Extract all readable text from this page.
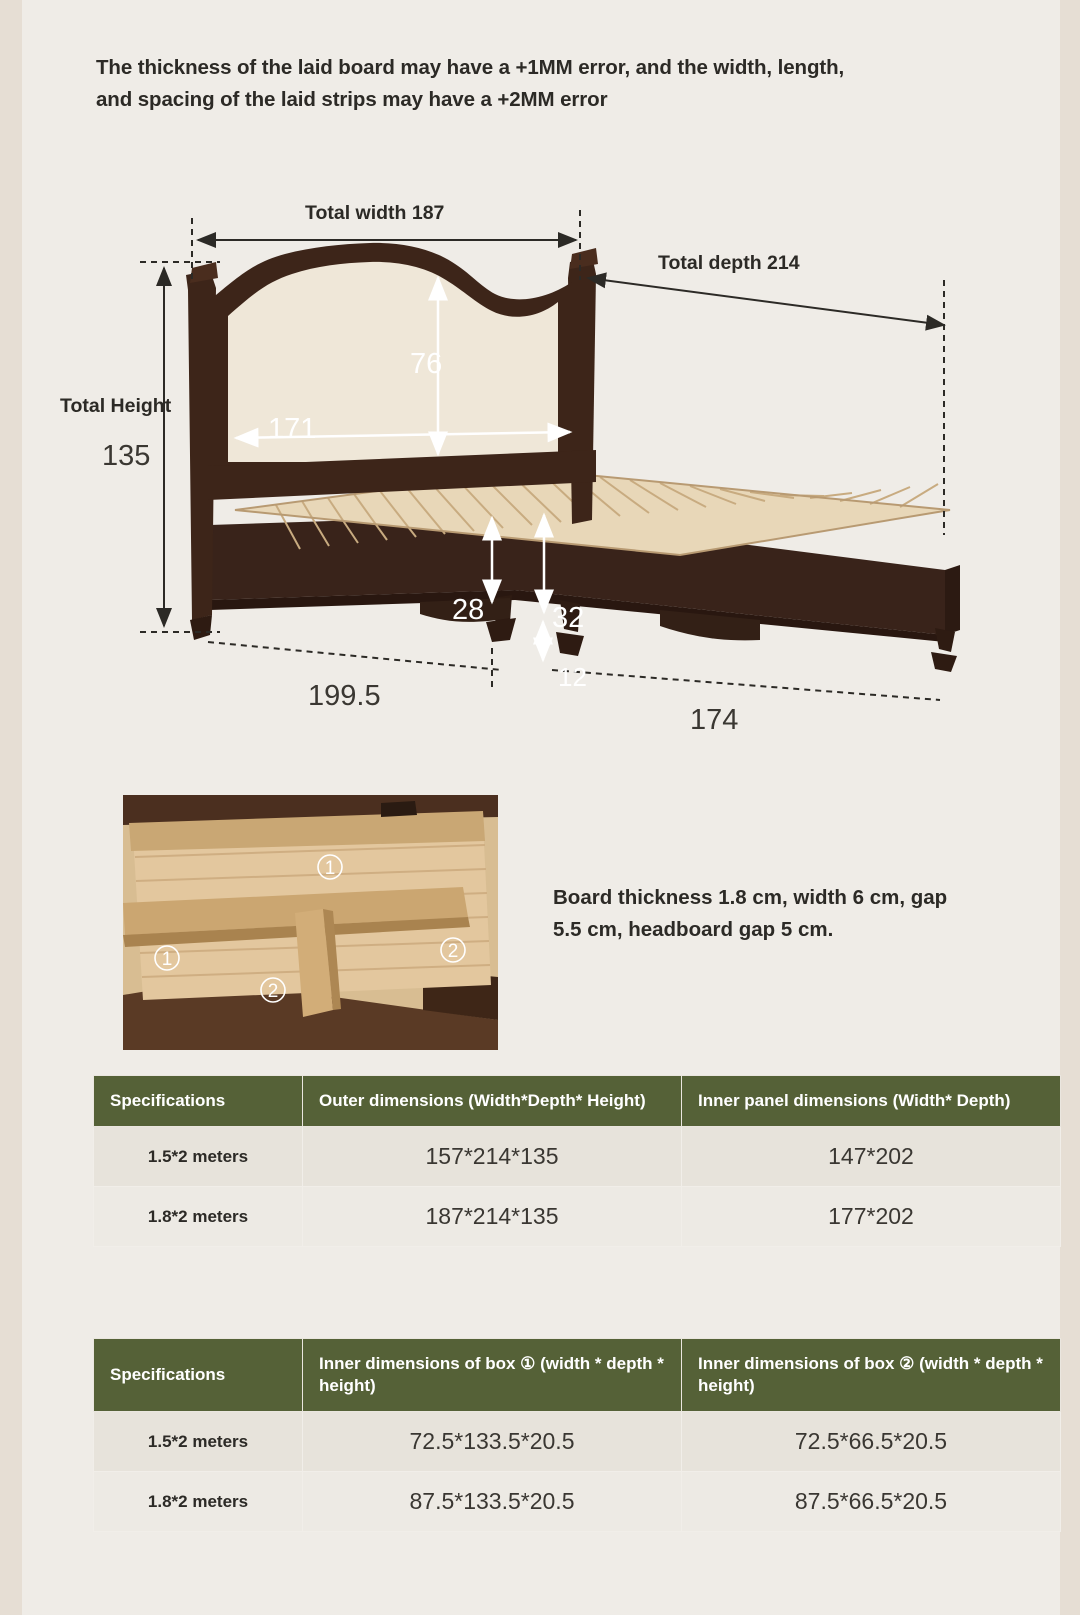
The thickness of the laid board may have a +1MM error, and the width, length, and spacing of the laid strips may have a +2MM error
Total width 187
Total depth 214
Total Height
135
76
171
28 32
12
199.5
174
1
1	2
2
Board thickness 1.8 cm, width 6 cm, gap 5.5 cm, headboard gap 5 cm.
Specifications	Outer dimensions (Width*Depth* Height)	Inner panel dimensions (Width* Depth)
1.5*2 meters	157*214*135	147*202
1.8*2 meters	187*214*135	177*202
Specifications	Inner dimensions of box ① (width * depth * height)	Inner dimensions of box ② (width * depth * height)
1.5*2 meters	72.5*133.5*20.5	72.5*66.5*20.5
1.8*2 meters	87.5*133.5*20.5	87.5*66.5*20.5
